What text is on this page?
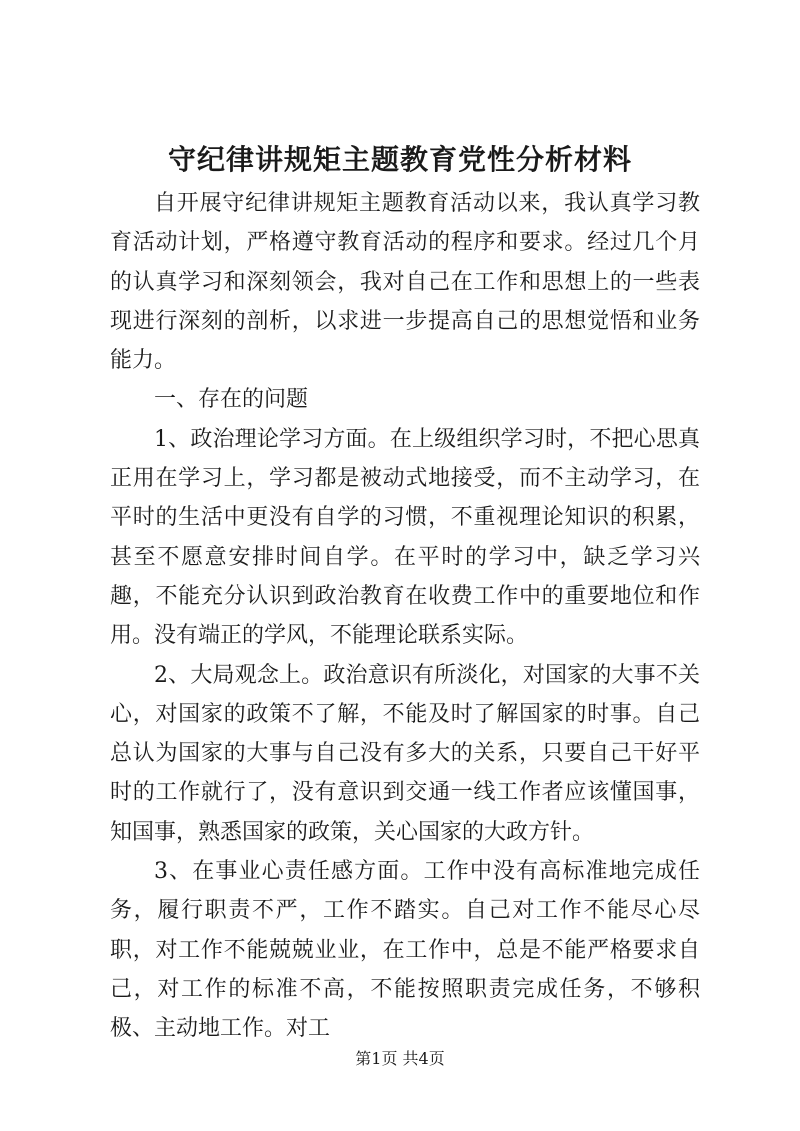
守纪律讲规矩主题教育党性分析材料

自开展守纪律讲规矩主题教育活动以来，我认真学习教育活动计划，严格遵守教育活动的程序和要求。经过几个月的认真学习和深刻领会，我对自己在工作和思想上的一些表现进行深刻的剖析，以求进一步提高自己的思想觉悟和业务能力。

一、存在的问题

1、政治理论学习方面。在上级组织学习时，不把心思真正用在学习上，学习都是被动式地接受，而不主动学习，在平时的生活中更没有自学的习惯，不重视理论知识的积累，甚至不愿意安排时间自学。在平时的学习中，缺乏学习兴趣，不能充分认识到政治教育在收费工作中的重要地位和作用。没有端正的学风，不能理论联系实际。

2、大局观念上。政治意识有所淡化，对国家的大事不关心，对国家的政策不了解，不能及时了解国家的时事。自己总认为国家的大事与自己没有多大的关系，只要自己干好平时的工作就行了，没有意识到交通一线工作者应该懂国事，知国事，熟悉国家的政策，关心国家的大政方针。

3、在事业心责任感方面。工作中没有高标准地完成任务，履行职责不严，工作不踏实。自己对工作不能尽心尽职，对工作不能兢兢业业，在工作中，总是不能严格要求自己，对工作的标准不高，不能按照职责完成任务，不够积极、主动地工作。对工

第1页 共4页
